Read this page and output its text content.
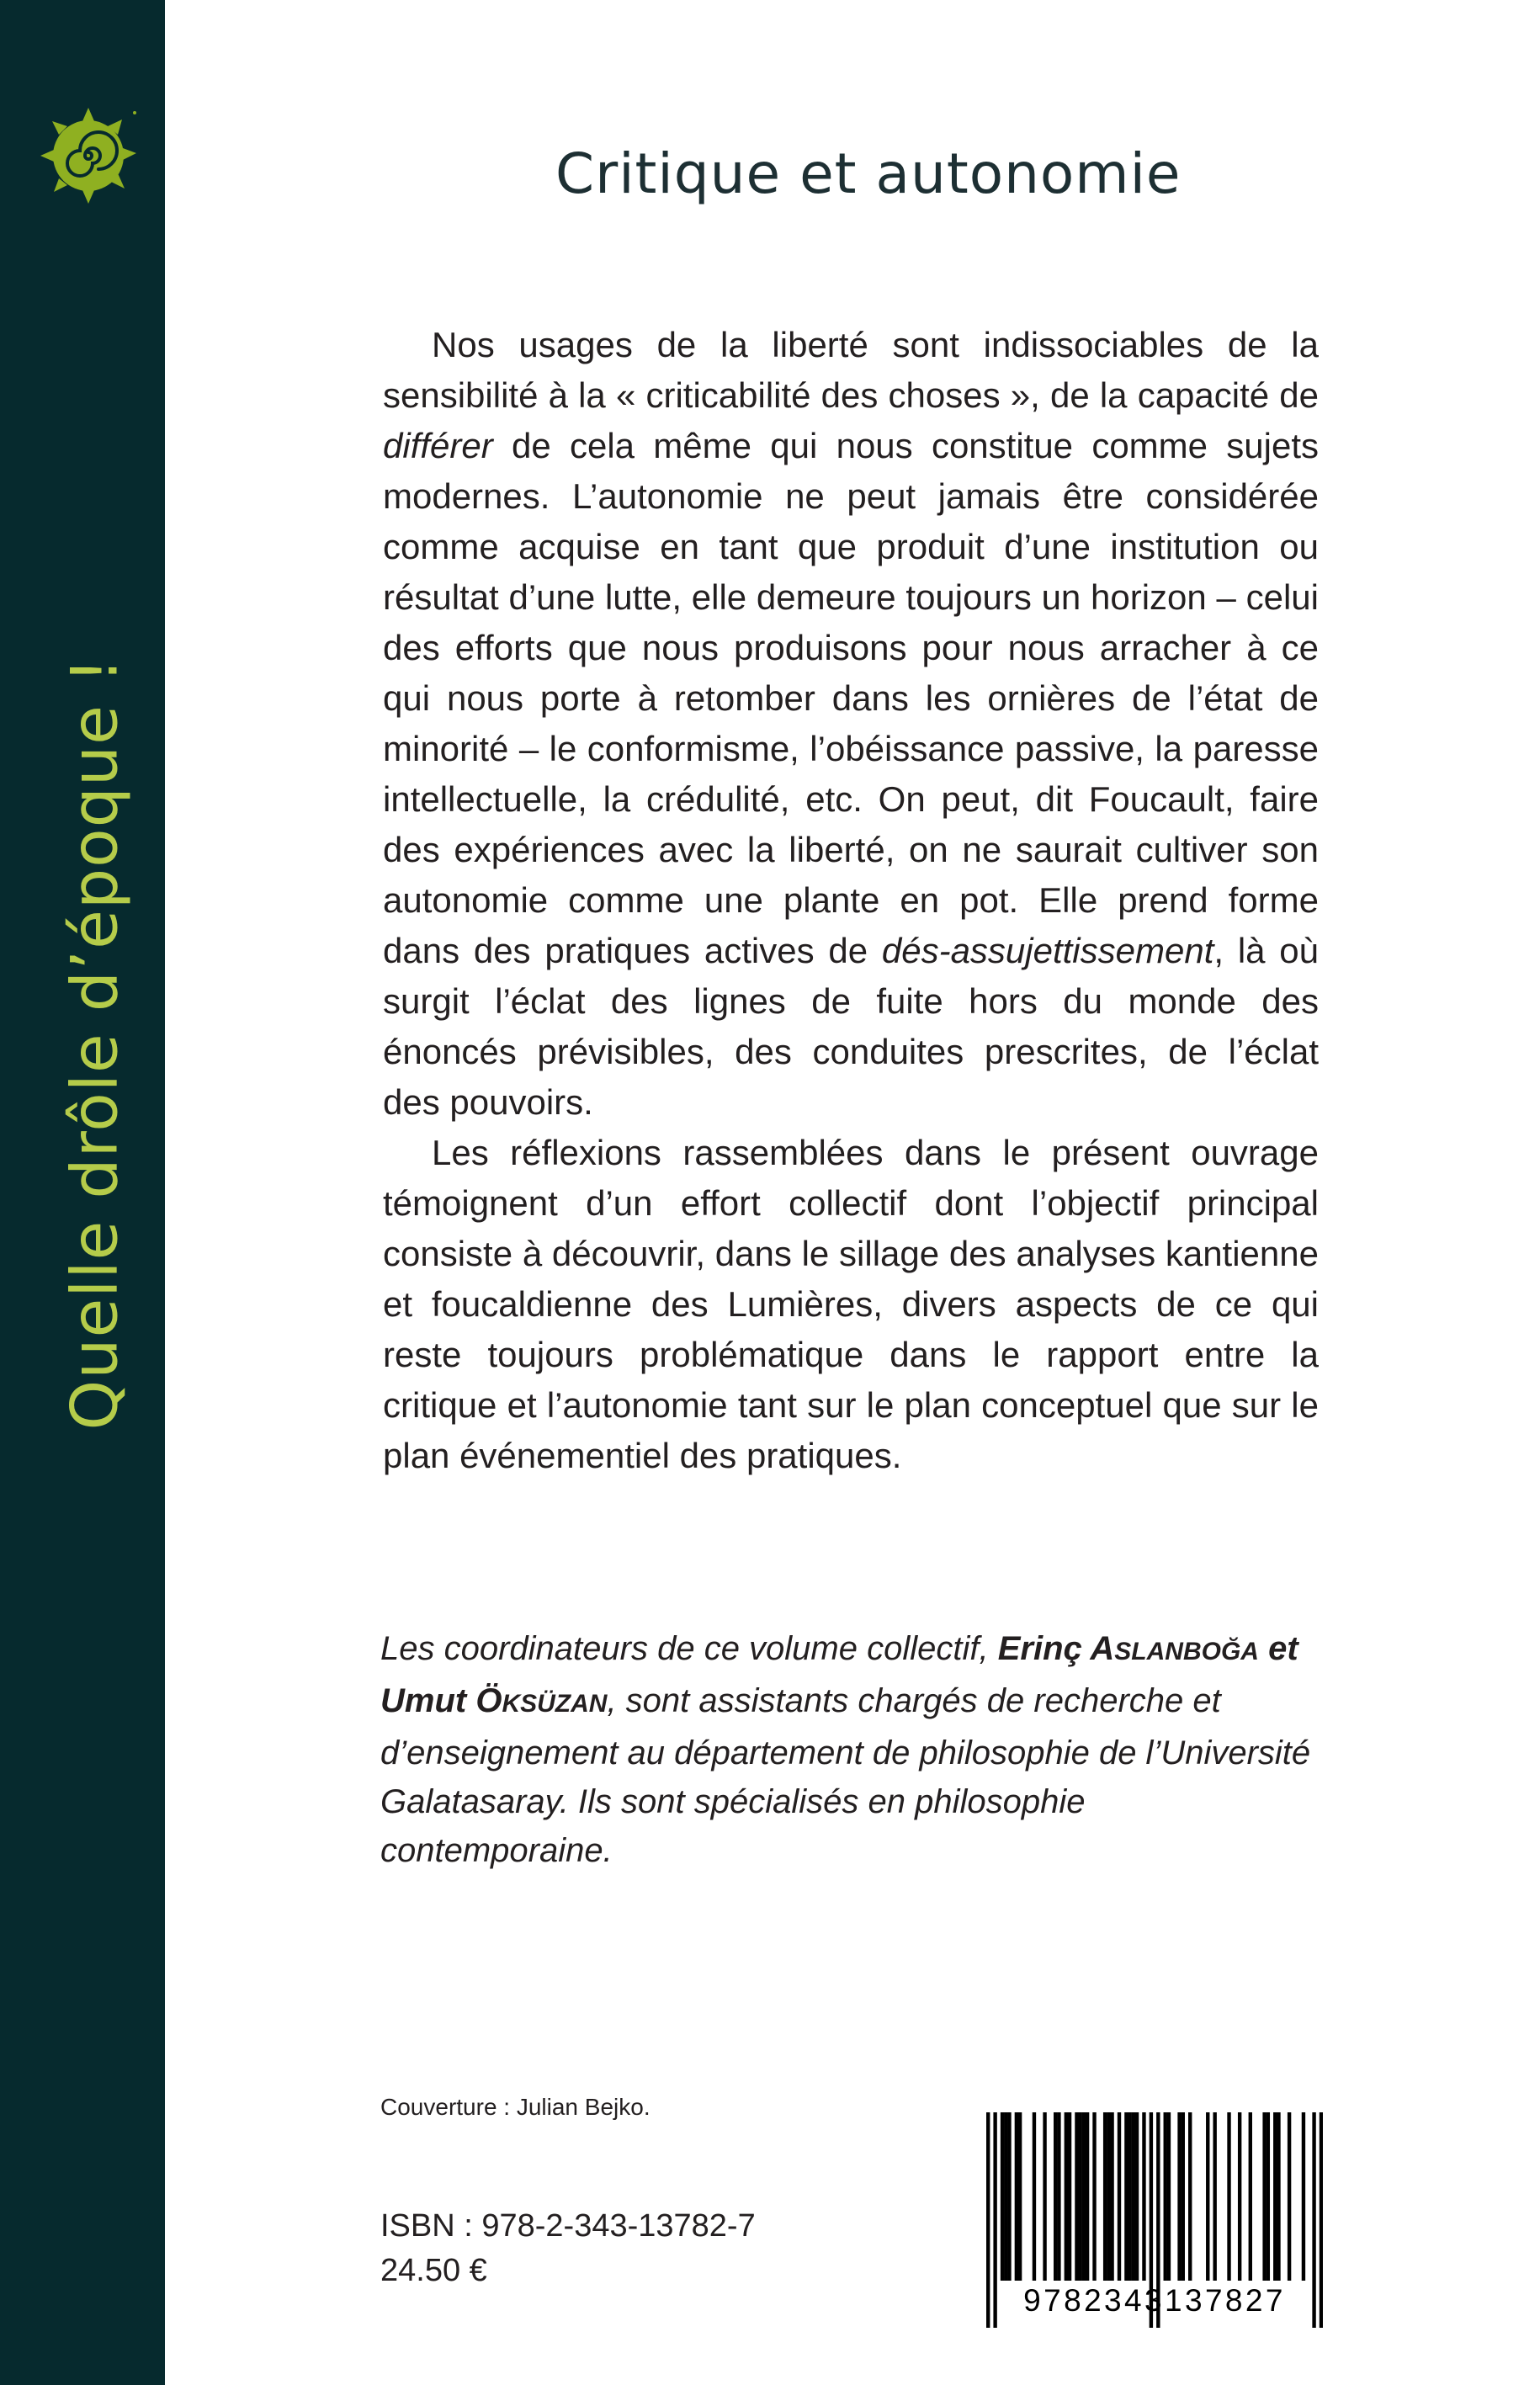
Quelle drôle d’époque !
Critique et autonomie

Nos usages de la liberté sont indissociables de la sensibilité à la « criticabilité des choses », de la capacité de différer de cela même qui nous constitue comme sujets modernes. L’autonomie ne peut jamais être considérée comme acquise en tant que produit d’une institution ou résultat d’une lutte, elle demeure toujours un horizon – celui des efforts que nous produisons pour nous arracher à ce qui nous porte à retomber dans les ornières de l’état de minorité – le conformisme, l’obéissance passive, la paresse intellectuelle, la crédulité, etc. On peut, dit Foucault, faire des expériences avec la liberté, on ne saurait cultiver son autonomie comme une plante en pot. Elle prend forme dans des pratiques actives de dés-assujettissement, là où surgit l’éclat des lignes de fuite hors du monde des énoncés prévisibles, des conduites prescrites, de l’éclat des pouvoirs.

Les réflexions rassemblées dans le présent ouvrage témoignent d’un effort collectif dont l’objectif principal consiste à découvrir, dans le sillage des analyses kantienne et foucaldienne des Lumières, divers aspects de ce qui reste toujours problématique dans le rapport entre la critique et l’autonomie tant sur le plan conceptuel que sur le plan événementiel des pratiques.

Les coordinateurs de ce volume collectif, Erinç ASLANBOĞA et Umut ÖKSÜZAN, sont assistants chargés de recherche et d’enseignement au département de philosophie de l’Université Galatasaray. Ils sont spécialisés en philosophie contemporaine.

Couverture : Julian Bejko.
ISBN : 978-2-343-13782-7
24.50 €
9782343137827
